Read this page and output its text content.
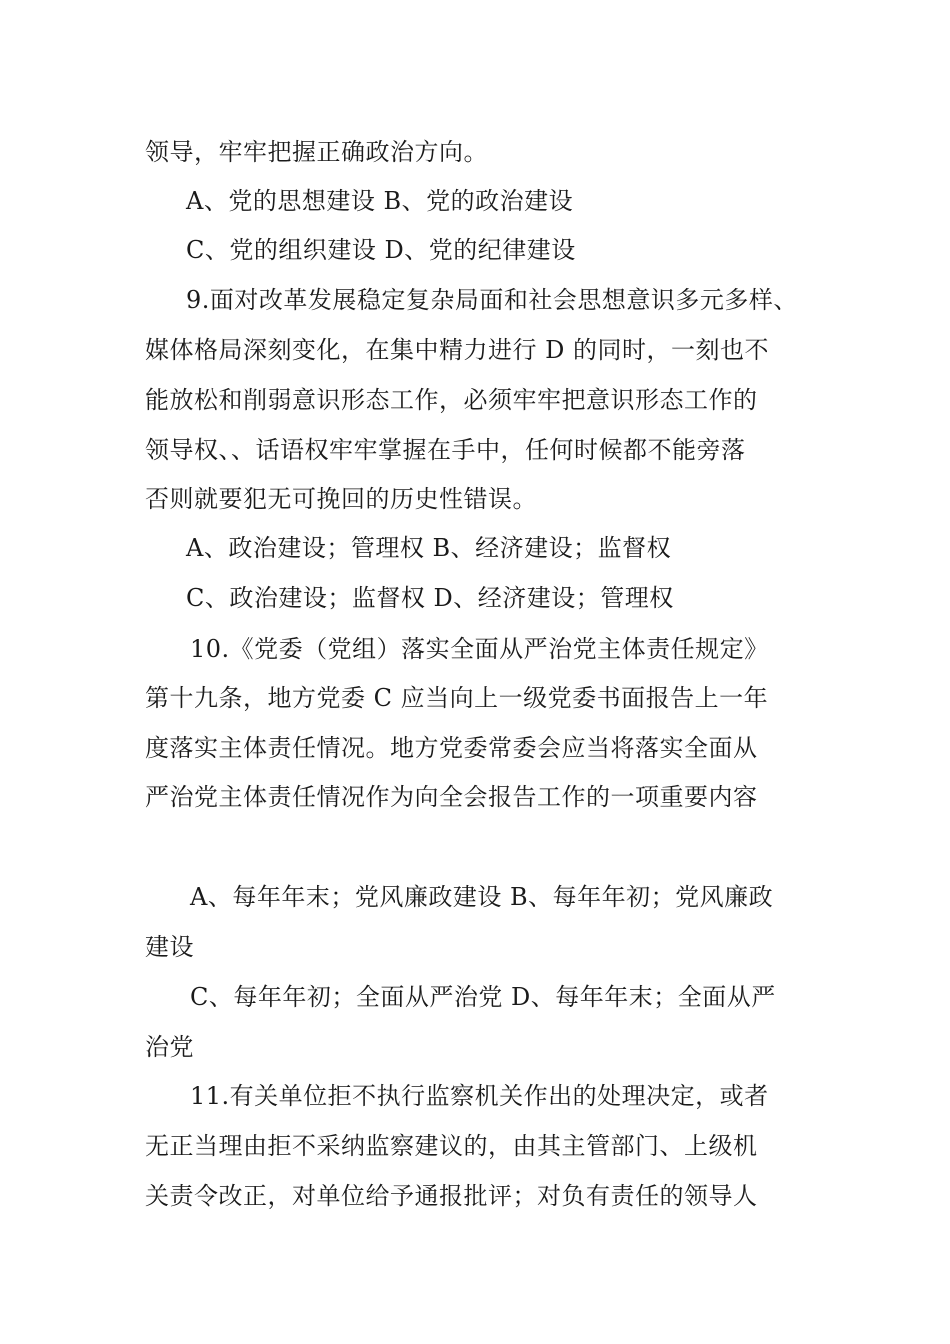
领导，牢牢把握正确政治方向。
A、党的思想建设 B、党的政治建设
C、党的组织建设 D、党的纪律建设
9.面对改革发展稳定复杂局面和社会思想意识多元多样、
媒体格局深刻变化，在集中精力进行 D 的同时，一刻也不
能放松和削弱意识形态工作，必须牢牢把意识形态工作的
领导权、、话语权牢牢掌握在手中，任何时候都不能旁落
否则就要犯无可挽回的历史性错误。
A、政治建设；管理权 B、经济建设；监督权
C、政治建设；监督权 D、经济建设；管理权
10.《党委（党组）落实全面从严治党主体责任规定》
第十九条，地方党委 C 应当向上一级党委书面报告上一年
度落实主体责任情况。地方党委常委会应当将落实全面从
严治党主体责任情况作为向全会报告工作的一项重要内容
A、每年年末；党风廉政建设 B、每年年初；党风廉政
建设
C、每年年初；全面从严治党 D、每年年末；全面从严
治党
11.有关单位拒不执行监察机关作出的处理决定，或者
无正当理由拒不采纳监察建议的，由其主管部门、上级机
关责令改正，对单位给予通报批评；对负有责任的领导人
